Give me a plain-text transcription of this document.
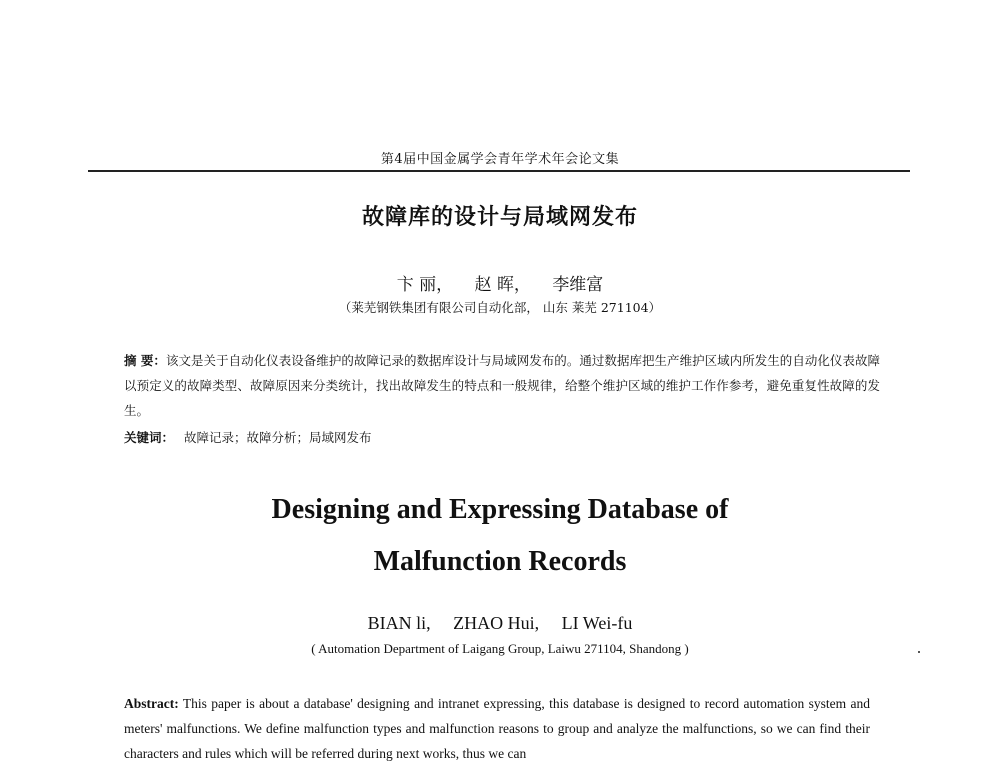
第4届中国金属学会青年学术年会论文集
故障库的设计与局域网发布
卞 丽， 赵 晖， 李维富
（莱芜钢铁集团有限公司自动化部， 山东 莱芜 271104）
摘 要：该文是关于自动化仪表设备维护的故障记录的数据库设计与局域网发布的。通过数据库把生产维护区域内所发生的自动化仪表故障以预定义的故障类型、故障原因来分类统计，找出故障发生的特点和一般规律，给整个维护区域的维护工作作参考，避免重复性故障的发生。
关键词： 故障记录；故障分析；局域网发布
Designing and Expressing Database of
Malfunction Records
BIAN li, ZHAO Hui, LI Wei-fu
( Automation Department of Laigang Group, Laiwu 271104, Shandong )
Abstract: This paper is about a database' designing and intranet expressing, this database is designed to record automation system and meters' malfunctions. We define malfunction types and malfunction reasons to group and analyze the malfunctions, so we can find their characters and rules which will be referred during next works, thus we can
